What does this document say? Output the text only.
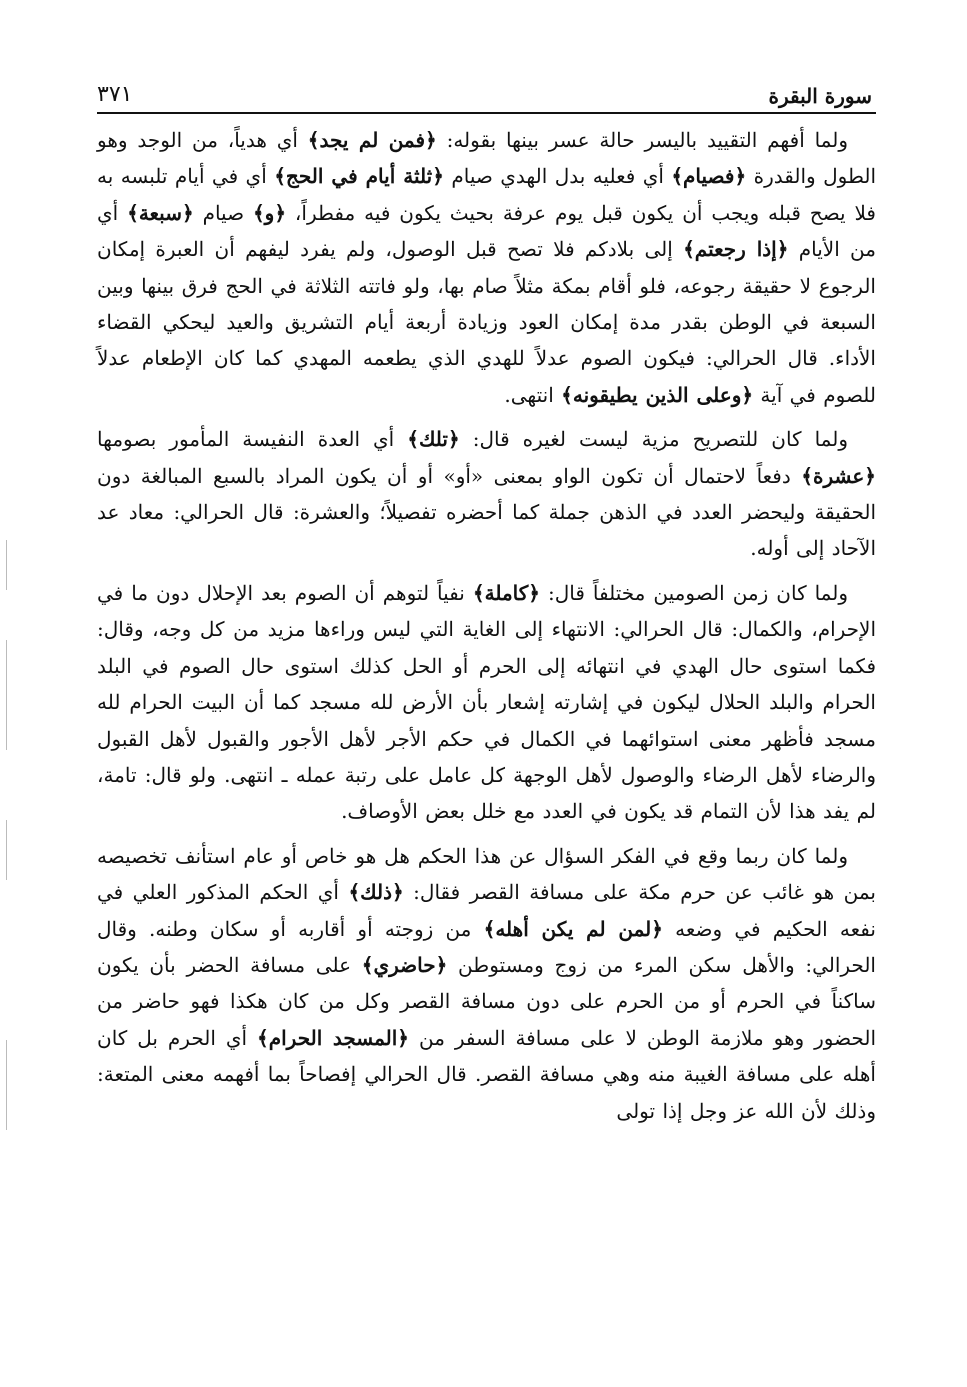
سورة البقرة
٣٧١

ولما أفهم التقييد باليسر حالة عسر بينها بقوله: ﴿فمن لم يجد﴾ أي هدياً، من الوجد وهو الطول والقدرة ﴿فصيام﴾ أي فعليه بدل الهدي صيام ﴿ثلثة أيام في الحج﴾ أي في أيام تلبسه به فلا يصح قبله ويجب أن يكون قبل يوم عرفة بحيث يكون فيه مفطراً، ﴿و﴾ صيام ﴿سبعة﴾ أي من الأيام ﴿إذا رجعتم﴾ إلى بلادكم فلا تصح قبل الوصول، ولم يفرد ليفهم أن العبرة إمكان الرجوع لا حقيقة رجوعه، فلو أقام بمكة مثلاً صام بها، ولو فاتته الثلاثة في الحج فرق بينها وبين السبعة في الوطن بقدر مدة إمكان العود وزيادة أربعة أيام التشريق والعيد ليحكي القضاء الأداء. قال الحرالي: فيكون الصوم عدلاً للهدي الذي يطعمه المهدي كما كان الإطعام عدلاً للصوم في آية ﴿وعلى الذين يطيقونه﴾ انتهى.

ولما كان للتصريح مزية ليست لغيره قال: ﴿تلك﴾ أي العدة النفيسة المأمور بصومها ﴿عشرة﴾ دفعاً لاحتمال أن تكون الواو بمعنى «أو» أو أن يكون المراد بالسبع المبالغة دون الحقيقة وليحضر العدد في الذهن جملة كما أحضره تفصيلاً؛ والعشرة: قال الحرالي: معاد عد الآحاد إلى أوله.

ولما كان زمن الصومين مختلفاً قال: ﴿كاملة﴾ نفياً لتوهم أن الصوم بعد الإحلال دون ما في الإحرام، والكمال: قال الحرالي: الانتهاء إلى الغاية التي ليس وراءها مزيد من كل وجه، وقال: فكما استوى حال الهدي في انتهائه إلى الحرم أو الحل كذلك استوى حال الصوم في البلد الحرام والبلد الحلال ليكون في إشارته إشعار بأن الأرض لله مسجد كما أن البيت الحرام لله مسجد فأظهر معنى استوائهما في الكمال في حكم الأجر لأهل الأجور والقبول لأهل القبول والرضاء لأهل الرضاء والوصول لأهل الوجهة كل عامل على رتبة عمله ـ انتهى. ولو قال: تامة، لم يفد هذا لأن التمام قد يكون في العدد مع خلل بعض الأوصاف.

ولما كان ربما وقع في الفكر السؤال عن هذا الحكم هل هو خاص أو عام استأنف تخصيصه بمن هو غائب عن حرم مكة على مسافة القصر فقال: ﴿ذلك﴾ أي الحكم المذكور العلي في نفعه الحكيم في وضعه ﴿لمن لم يكن أهله﴾ من زوجته أو أقاربه أو سكان وطنه. وقال الحرالي: والأهل سكن المرء من زوج ومستوطن ﴿حاضري﴾ على مسافة الحضر بأن يكون ساكناً في الحرم أو من الحرم على دون مسافة القصر وكل من كان هكذا فهو حاضر من الحضور وهو ملازمة الوطن لا على مسافة السفر من ﴿المسجد الحرام﴾ أي الحرم بل كان أهله على مسافة الغيبة منه وهي مسافة القصر. قال الحرالي إفصاحاً بما أفهمه معنى المتعة: وذلك لأن الله عز وجل إذا تولى
